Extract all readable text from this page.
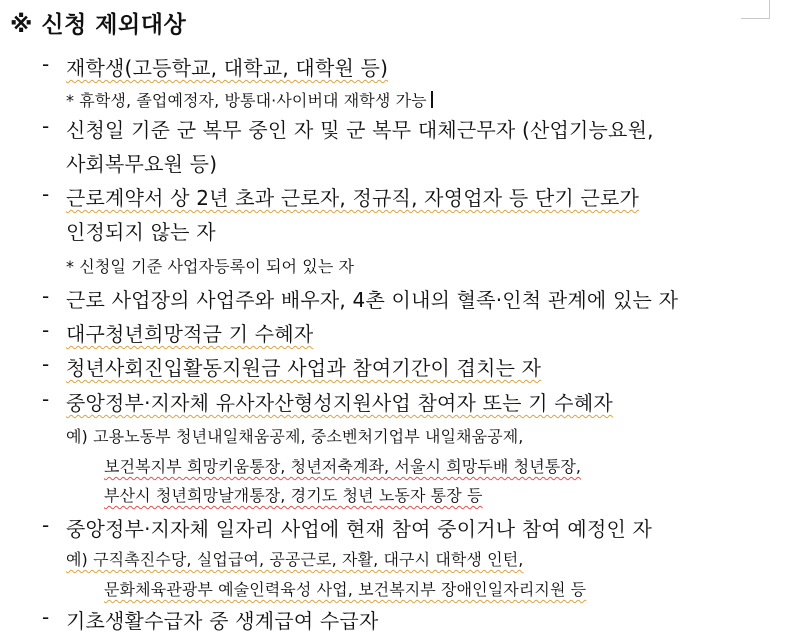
※ 신청 제외대상
-
-
-
-
-
-
-
-
-
재학생(고등학교, 대학교, 대학원 등)
* 휴학생, 졸업예정자, 방통대·사이버대 재학생 가능
신청일 기준 군 복무 중인 자 및 군 복무 대체근무자 (산업기능요원,
사회복무요원 등)
근로계약서 상 2년 초과 근로자, 정규직, 자영업자 등 단기 근로가
인정되지 않는 자
* 신청일 기준 사업자등록이 되어 있는 자
근로 사업장의 사업주와 배우자, 4촌 이내의 혈족·인척 관계에 있는 자
대구청년희망적금 기 수혜자
청년사회진입활동지원금 사업과 참여기간이 겹치는 자
중앙정부·지자체 유사자산형성지원사업 참여자 또는 기 수혜자
예) 고용노동부 청년내일채움공제, 중소벤처기업부 내일채움공제,
보건복지부 희망키움통장, 청년저축계좌, 서울시 희망두배 청년통장,
부산시 청년희망날개통장, 경기도 청년 노동자 통장 등
중앙정부·지자체 일자리 사업에 현재 참여 중이거나 참여 예정인 자
예) 구직촉진수당, 실업급여, 공공근로, 자활, 대구시 대학생 인턴,
문화체육관광부 예술인력육성 사업, 보건복지부 장애인일자리지원 등
기초생활수급자 중 생계급여 수급자
